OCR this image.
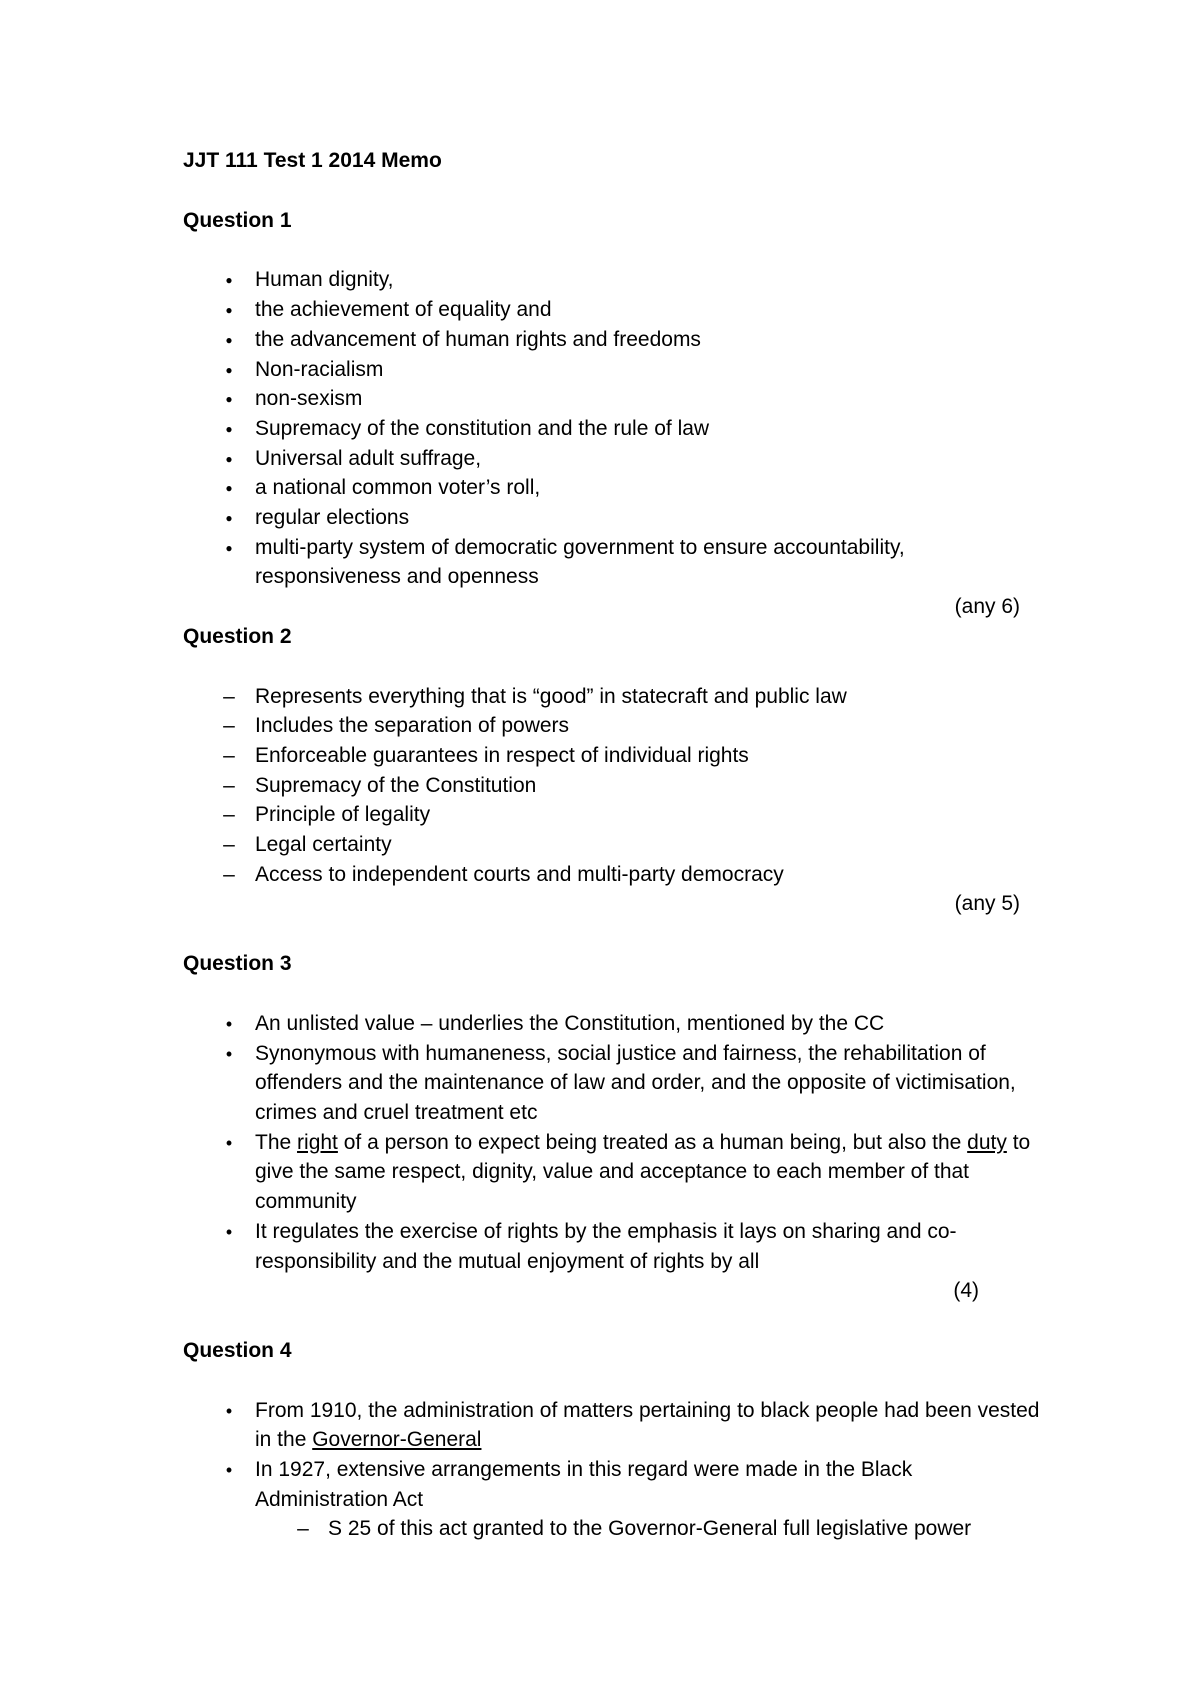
JJT 111 Test 1 2014 Memo
Question 1
●
Human dignity,
●
the achievement of equality and
●
the advancement of human rights and freedoms
●
Non-racialism
●
non-sexism
●
Supremacy of the constitution and the rule of law
●
Universal adult suffrage,
●
a national common voter’s roll,
●
regular elections
●
multi-party system of democratic government to ensure accountability, responsiveness and openness
(any 6)
Question 2
–
Represents everything that is “good” in statecraft and public law
–
Includes the separation of powers
–
Enforceable guarantees in respect of individual rights
–
Supremacy of the Constitution
–
Principle of legality
–
Legal certainty
–
Access to independent courts and multi-party democracy
(any 5)
Question 3
•
An unlisted value – underlies the Constitution, mentioned by the CC
•
Synonymous with humaneness, social justice and fairness, the rehabilitation of offenders and the maintenance of law and order, and the opposite of victimisation, crimes and cruel treatment etc
•
The right of a person to expect being treated as a human being, but also the duty to give the same respect, dignity, value and acceptance to each member of that community
•
It regulates the exercise of rights by the emphasis it lays on sharing and co-responsibility and the mutual enjoyment of rights by all
(4)
Question 4
•
From 1910, the administration of matters pertaining to black people had been vested in the Governor-General
•
In 1927, extensive arrangements in this regard were made in the Black Administration Act
–
S 25 of this act granted to the Governor-General full legislative power
